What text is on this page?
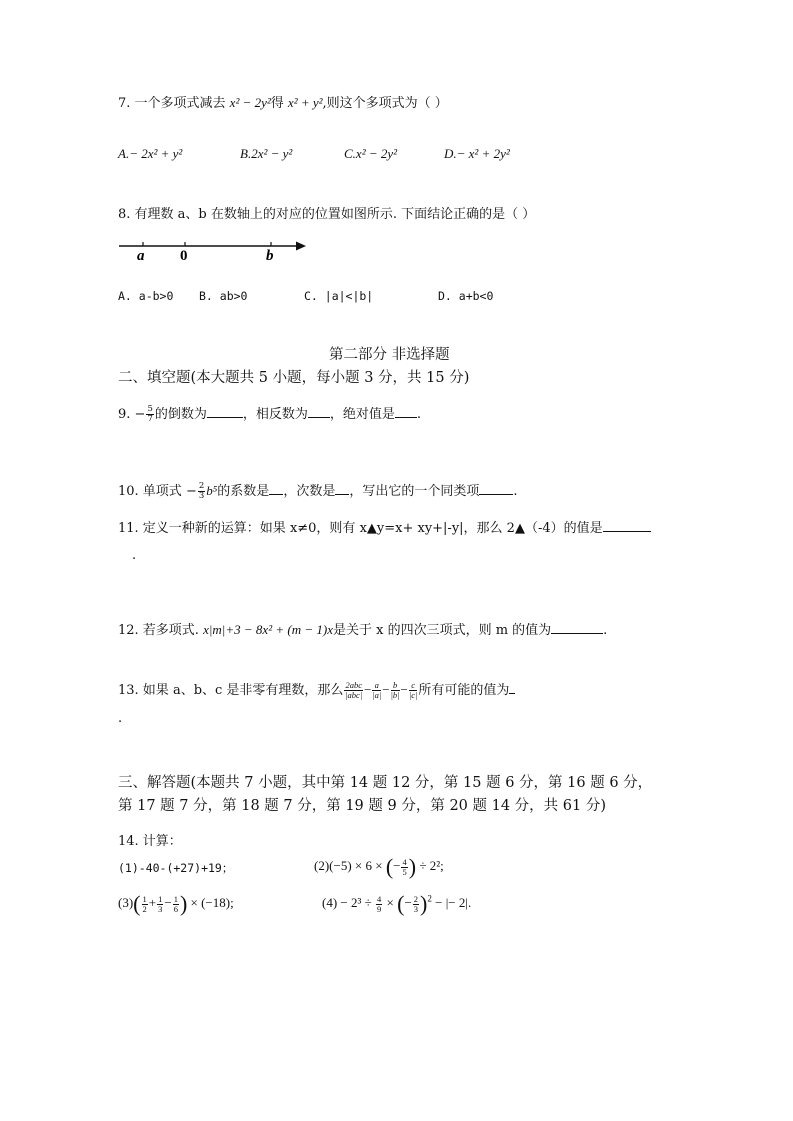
7. 一个多项式减去 x² − 2y²得 x² + y²,则这个多项式为（ ）
A.− 2x² + y²	B.2x² − y²	C.x² − 2y²	D.− x² + 2y²
8. 有理数 a、b 在数轴上的对应的位置如图所示. 下面结论正确的是（ ）
a 0	b
A. a-b>0 B. ab>0	C. |a|<|b|	D. a+b<0
第二部分 非选择题
二、填空题(本大题共 5 小题，每小题 3 分，共 15 分)
9. − $\frac{5}{7}$ 的倒数为	，相反数为 ，绝对值是 .
10. 单项式 − $\frac{2}{3} b^5$的系数是 ，次数是 ，写出它的一个同类项	.
11. 定义一种新的运算：如果 x≠0，则有 x▲y=x+ xy+|-y|，那么 2▲（-4）的值是
.
12. 若多项式. x|m|+3 − 8x² + (m − 1)x是关于 x 的四次三项式，则 m 的值为	.
13. 如果 a、b、c 是非零有理数，那么 $\frac{\text{2abc}}{\text{|abc|}} - \frac{a}{|a|} - \frac{b}{|b|} - \frac{c}{|c|}$ 所有可能的值为
.
三、解答题(本题共 7 小题，其中第 14 题 12 分，第 15 题 6 分，第 16 题 6 分，
第 17 题 7 分，第 18 题 7 分，第 19 题 9 分，第 20 题 14 分，共 61 分)
14. 计算：
(1)-40-(+27)+19；	(2)(−5) × 6 × (− $\frac{4}{5}$ ) ÷ 2²;
$(3)( \frac{1}{2} + \frac{1}{3} - \frac{1}{6}$ ) × (−18);	$(4) - 2^3 \div \frac{4}{9}$ × (− $\frac{2}{3} )^2$ − |− 2|.
